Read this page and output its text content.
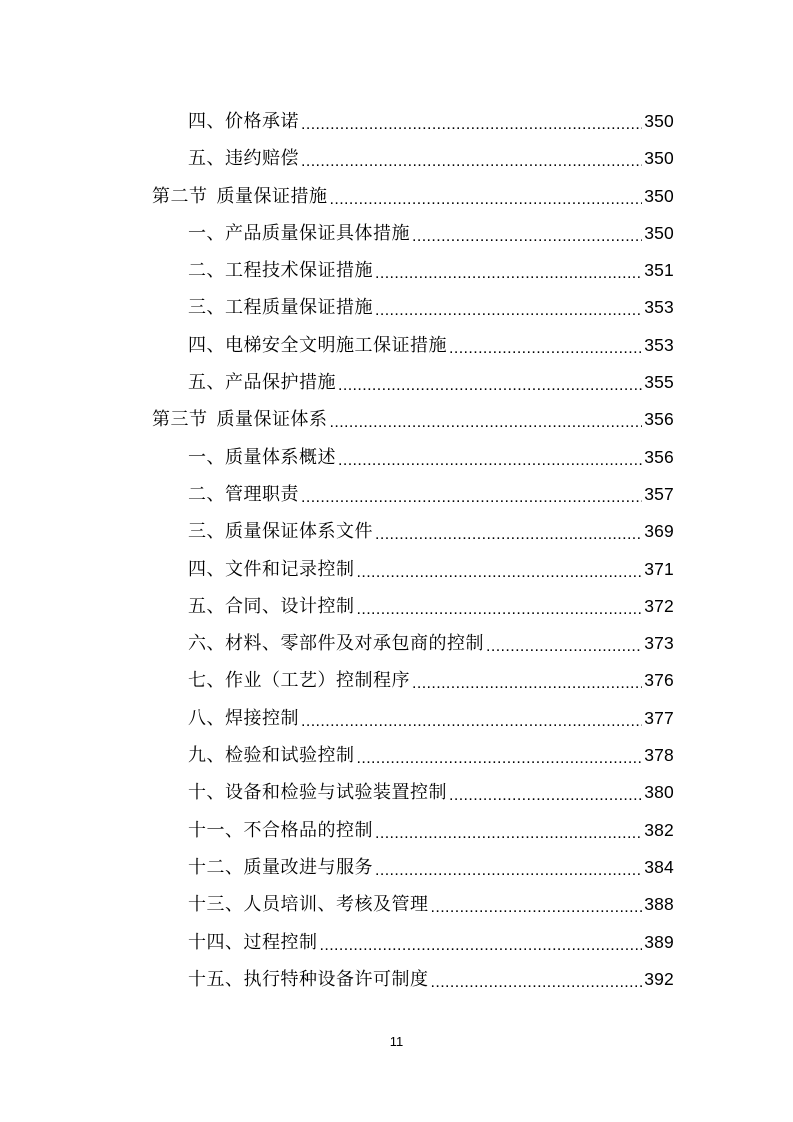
四、价格承诺 .....	350
五、违约赔偿 .....	350
第二节 质量保证措施 .....	350
一、产品质量保证具体措施 .....	350
二、工程技术保证措施 .....	351
三、工程质量保证措施 .....	353
四、电梯安全文明施工保证措施 .....	353
五、产品保护措施 .....	355
第三节 质量保证体系 .....	356
一、质量体系概述 .....	356
二、管理职责 .....	357
三、质量保证体系文件 .....	369
四、文件和记录控制 .....	371
五、合同、设计控制 .....	372
六、材料、零部件及对承包商的控制 .....	373
七、作业（工艺）控制程序 .....	376
八、焊接控制 .....	377
九、检验和试验控制 .....	378
十、设备和检验与试验装置控制 .....	380
十一、不合格品的控制 .....	382
十二、质量改进与服务 .....	384
十三、人员培训、考核及管理 .....	388
十四、过程控制 .....	389
十五、执行特种设备许可制度 .....	392
11
